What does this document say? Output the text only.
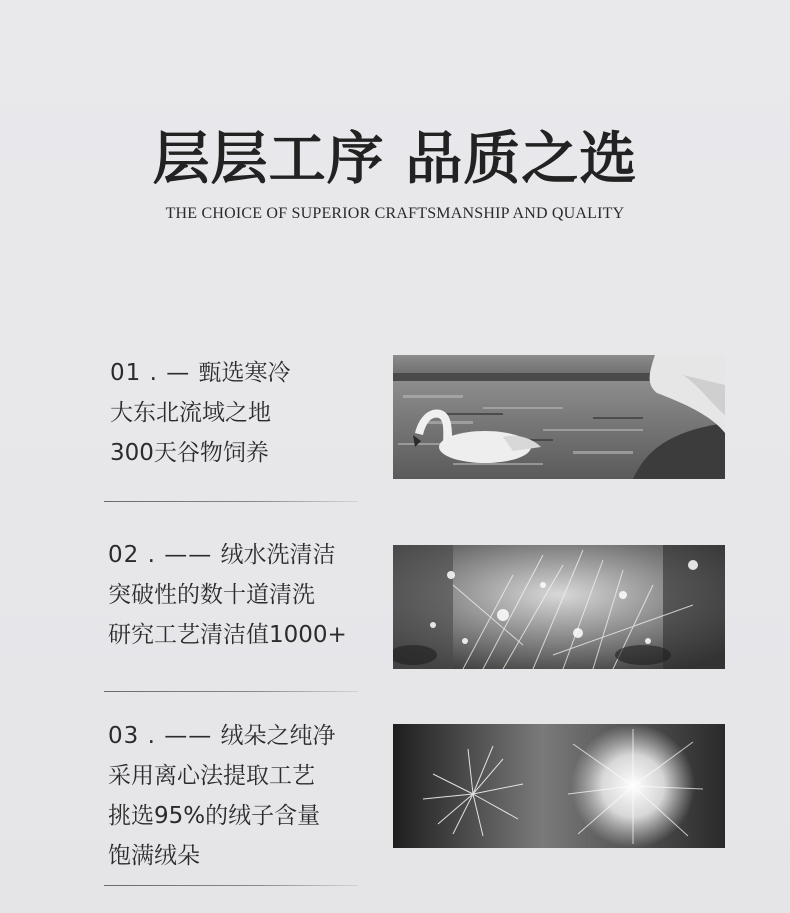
层层工序 品质之选
THE CHOICE OF SUPERIOR CRAFTSMANSHIP AND QUALITY
01 . — 甄选寒冷
大东北流域之地
300天谷物饲养
02 . —— 绒水洗清洁
突破性的数十道清洗
研究工艺清洁值1000+
03 . —— 绒朵之纯净
采用离心法提取工艺
挑选95%的绒子含量
饱满绒朵
